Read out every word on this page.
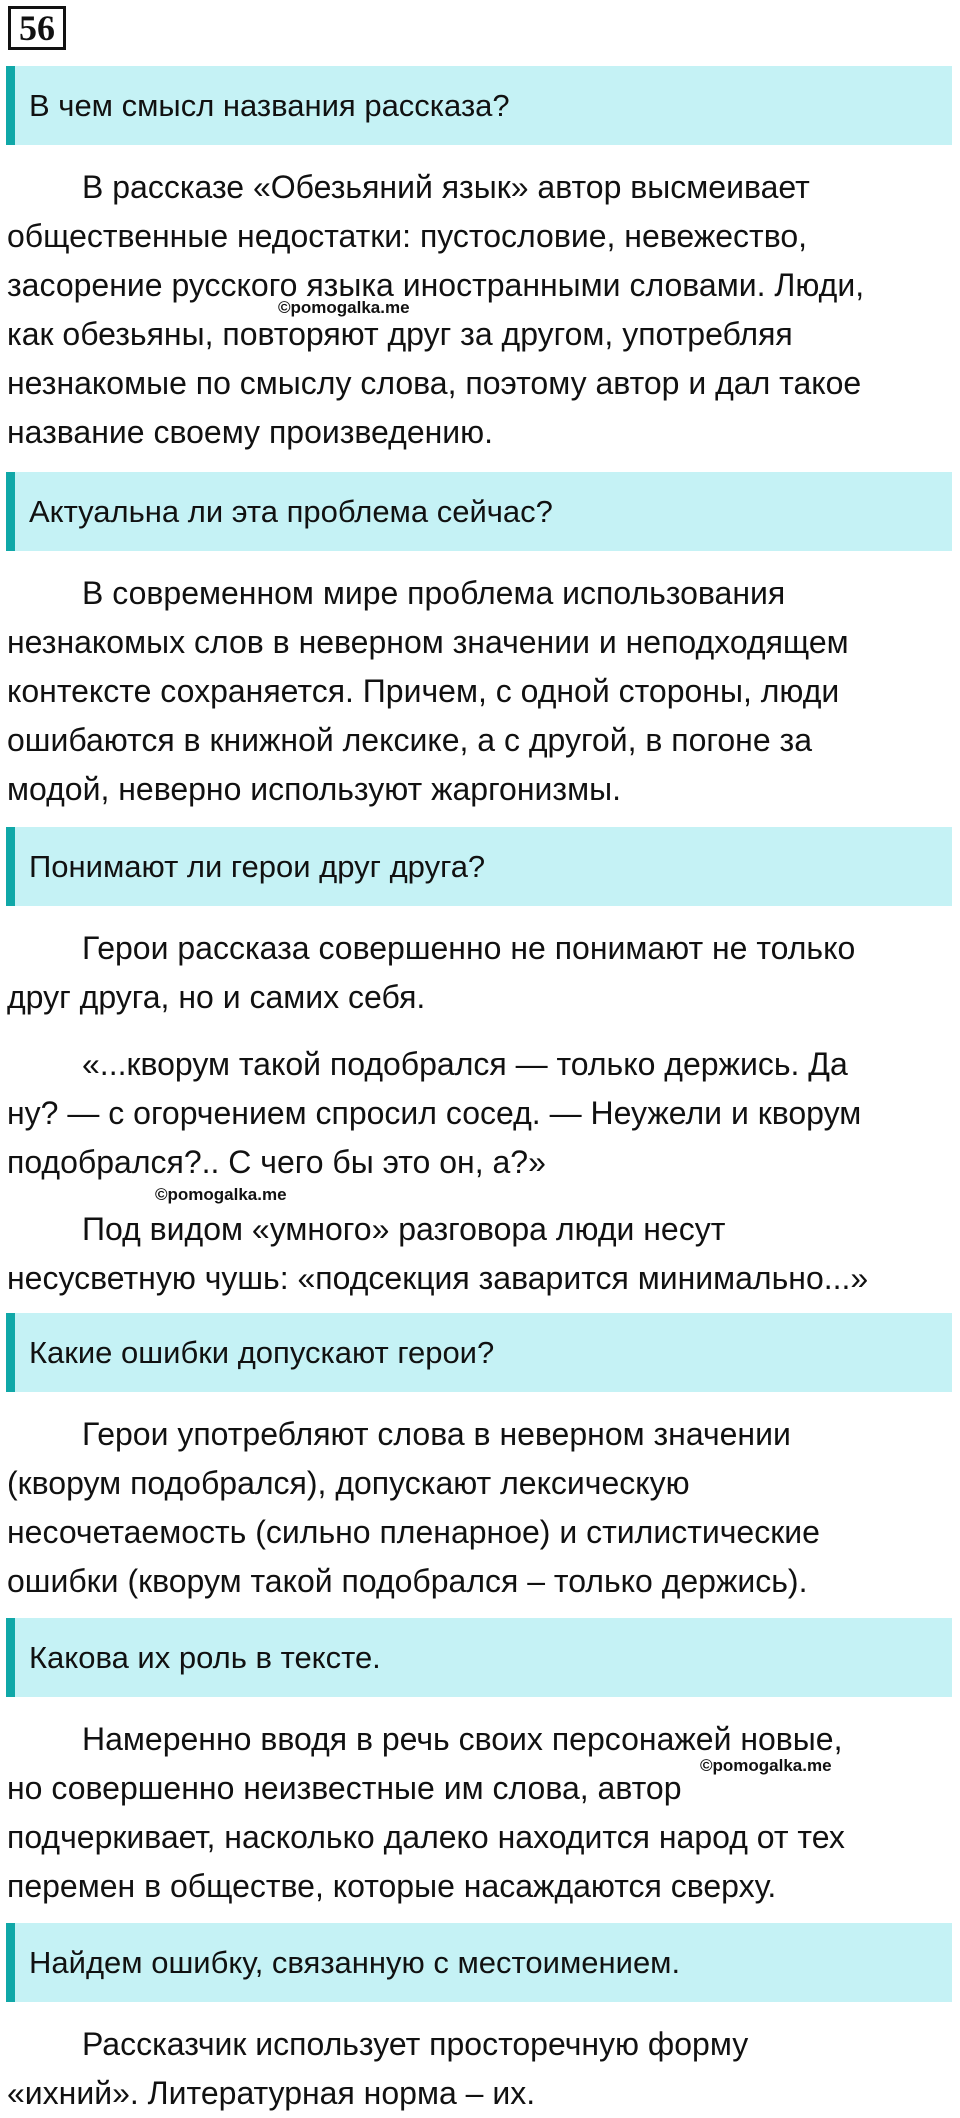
56
В чем смысл названия рассказа?
В рассказе «Обезьяний язык» автор высмеивает
общественные недостатки: пустословие, невежество,
засорение русского языка иностранными словами. Люди,
как обезьяны, повторяют друг за другом, употребляя
незнакомые по смыслу слова, поэтому автор и дал такое
название своему произведению.
Актуальна ли эта проблема сейчас?
В современном мире проблема использования
незнакомых слов в неверном значении и неподходящем
контексте сохраняется. Причем, с одной стороны, люди
ошибаются в книжной лексике, а с другой, в погоне за
модой, неверно используют жаргонизмы.
Понимают ли герои друг друга?
Герои рассказа совершенно не понимают не только
друг друга, но и самих себя.
«...кворум такой подобрался — только держись. Да
ну? — с огорчением спросил сосед. — Неужели и кворум
подобрался?.. С чего бы это он, а?»
Под видом «умного» разговора люди несут
несусветную чушь: «подсекция заварится минимально...»
Какие ошибки допускают герои?
Герои употребляют слова в неверном значении
(кворум подобрался), допускают лексическую
несочетаемость (сильно пленарное) и стилистические
ошибки (кворум такой подобрался – только держись).
Какова их роль в тексте.
Намеренно вводя в речь своих персонажей новые,
но совершенно неизвестные им слова, автор
подчеркивает, насколько далеко находится народ от тех
перемен в обществе, которые насаждаются сверху.
Найдем ошибку, связанную с местоимением.
Рассказчик использует просторечную форму
«ихний». Литературная норма – их.
©pomogalka.me
©pomogalka.me
©pomogalka.me
